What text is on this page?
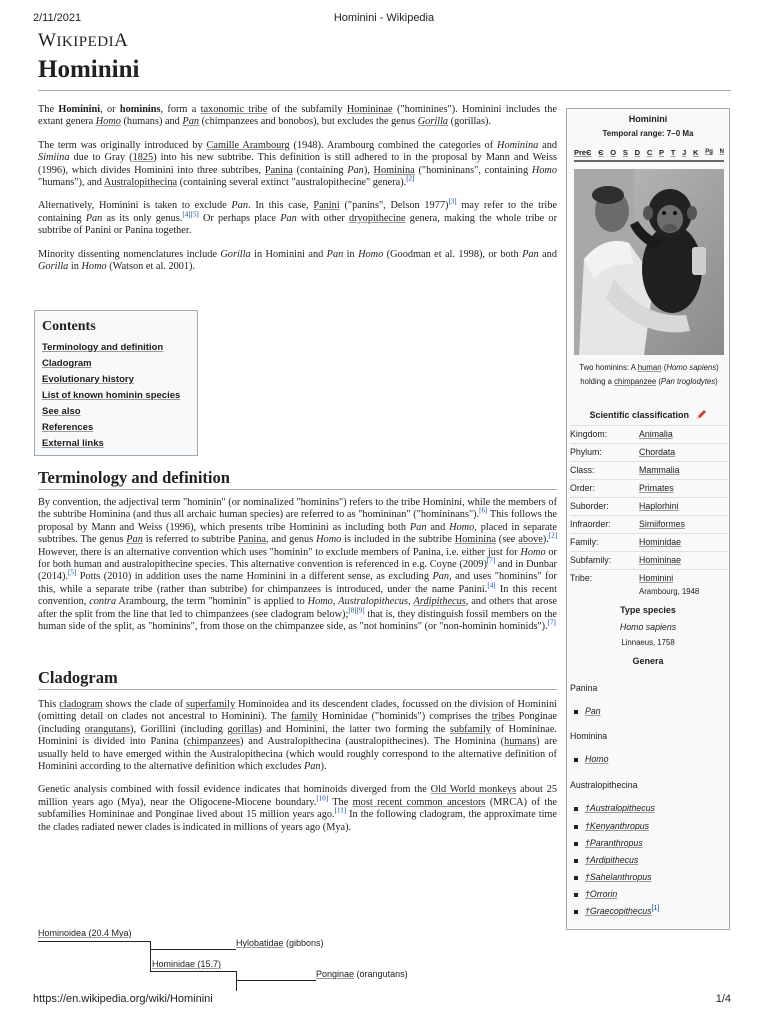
2/11/2021	Hominini - Wikipedia
WIKIPEDIA
Hominini

The Hominini, or hominins, form a taxonomic tribe of the subfamily Homininae ("hominines"). Hominini includes the extant genera Homo (humans) and Pan (chimpanzees and bonobos), but excludes the genus Gorilla (gorillas).

The term was originally introduced by Camille Arambourg (1948). Arambourg combined the categories of Hominina and Simiina due to Gray (1825) into his new subtribe. This definition is still adhered to in the proposal by Mann and Weiss (1996), which divides Hominini into three subtribes, Panina (containing Pan), Hominina ("homininans", containing Homo "humans"), and Australopithecina (containing several extinct "australopithecine" genera).[2]

Alternatively, Hominini is taken to exclude Pan. In this case, Panini ("panins", Delson 1977)[3] may refer to the tribe containing Pan as its only genus.[4][5] Or perhaps place Pan with other dryopithecine genera, making the whole tribe or subtribe of Panini or Panina together.

Minority dissenting nomenclatures include Gorilla in Hominini and Pan in Homo (Goodman et al. 1998), or both Pan and Gorilla in Homo (Watson et al. 2001).

Contents
Terminology and definition
Cladogram
Evolutionary history
List of known hominin species
See also
References
External links
Terminology and definition

By convention, the adjectival term "hominin" (or nominalized "hominins") refers to the tribe Hominini, while the members of the subtribe Hominina (and thus all archaic human species) are referred to as "homininan" ("homininans").[6] This follows the proposal by Mann and Weiss (1996), which presents tribe Hominini as including both Pan and Homo, placed in separate subtribes. The genus Pan is referred to subtribe Panina, and genus Homo is included in the subtribe Hominina (see above).[2] However, there is an alternative convention which uses "hominin" to exclude members of Panina, i.e. either just for Homo or for both human and australopithecine species. This alternative convention is referenced in e.g. Coyne (2009)[7] and in Dunbar (2014).[5] Potts (2010) in addition uses the name Hominini in a different sense, as excluding Pan, and uses "hominins" for this, while a separate tribe (rather than subtribe) for chimpanzees is introduced, under the name Panini.[4] In this recent convention, contra Arambourg, the term "hominin" is applied to Homo, Australopithecus, Ardipithecus, and others that arose after the split from the line that led to chimpanzees (see cladogram below);[8][9] that is, they distinguish fossil members on the human side of the split, as "hominins", from those on the chimpanzee side, as "not hominins" (or "non-hominin hominids").[7]

Cladogram

This cladogram shows the clade of superfamily Hominoidea and its descendent clades, focussed on the division of Hominini (omitting detail on clades not ancestral to Hominini). The family Hominidae ("hominids") comprises the tribes Ponginae (including orangutans), Gorillini (including gorillas) and Hominini, the latter two forming the subfamily of Homininae. Hominini is divided into Panina (chimpanzees) and Australopithecina (australopithecines). The Hominina (humans) are usually held to have emerged within the Australopithecina (which would roughly correspond to the alternative definition of Hominini according to the alternative definition which excludes Pan).

Genetic analysis combined with fossil evidence indicates that hominoids diverged from the Old World monkeys about 25 million years ago (Mya), near the Oligocene-Miocene boundary.[10] The most recent common ancestors (MRCA) of the subfamilies Homininae and Ponginae lived about 15 million years ago.[11] In the following cladogram, the approximate time the clades radiated newer clades is indicated in millions of years ago (Mya).

Hominoidea (20.4 Mya)
Hylobatidae (gibbons)
Hominidae (15.7)
Ponginae (orangutans)
Hominini
Temporal range: 7–0 Ma
PreЄ Є O S D C P T J K Pg N
Two hominins: A human (Homo sapiens) holding a chimpanzee (Pan troglodytes)
Scientific classification
Kingdom:	Animalia
Phylum:	Chordata
Class:	Mammalia
Order:	Primates
Suborder:	Haplorhini
Infraorder:	Simiiformes
Family:	Hominidae
Subfamily:	Homininae
Tribe:	Hominini
Arambourg, 1948
Type species
Homo sapiens
Linnaeus, 1758
Genera
Panina
Pan
Hominina
Homo
Australopithecina
†Australopithecus
†Kenyanthropus
†Paranthropus
†Ardipithecus
†Sahelanthropus
†Orrorin
†Graecopithecus[1]
https://en.wikipedia.org/wiki/Hominini	1/4
